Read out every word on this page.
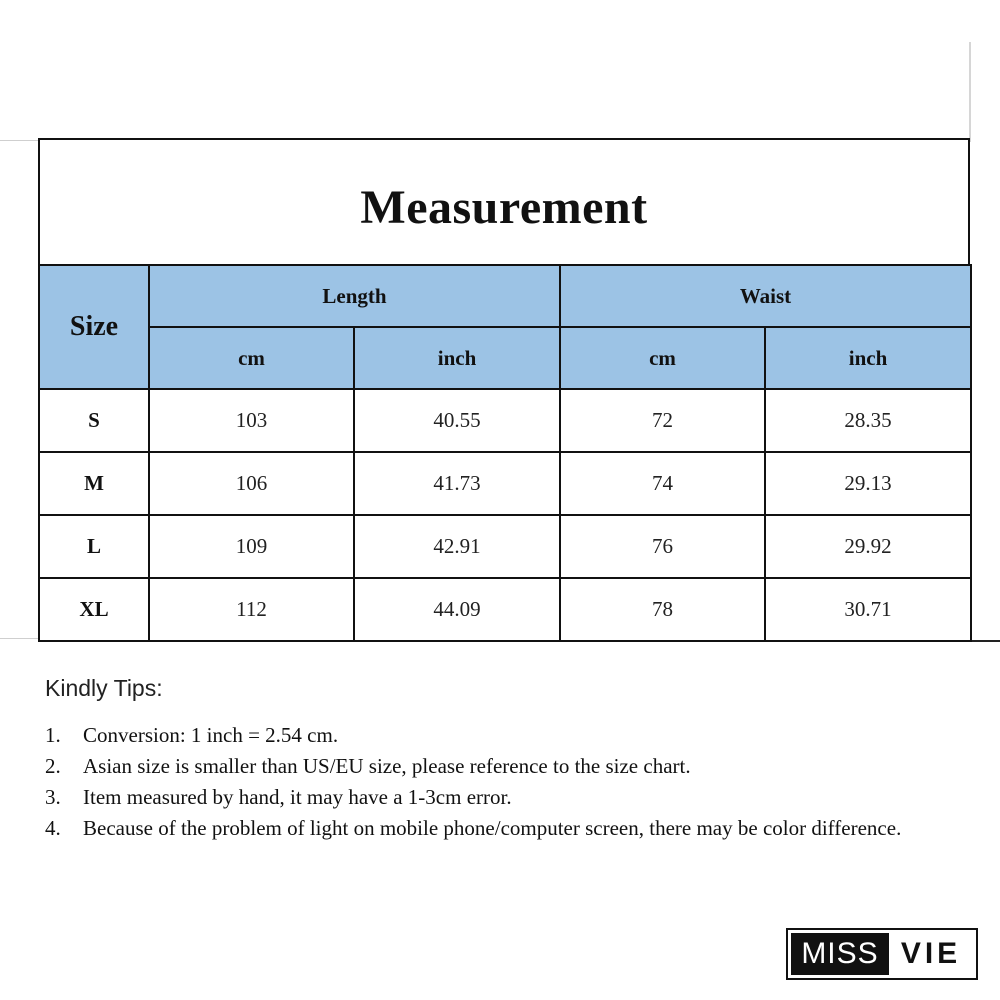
Measurement
Size	Length		Waist	
	cm	inch	cm	inch
S	103	40.55	72	28.35
M	106	41.73	74	29.13
L	109	42.91	76	29.92
XL	112	44.09	78	30.71
Kindly Tips:
1. Conversion: 1 inch = 2.54 cm.
2. Asian size is smaller than US/EU size, please reference to the size chart.
3. Item measured by hand, it may have a 1-3cm error.
4. Because of the problem of light on mobile phone/computer screen, there may be color difference.
MISS VIE
